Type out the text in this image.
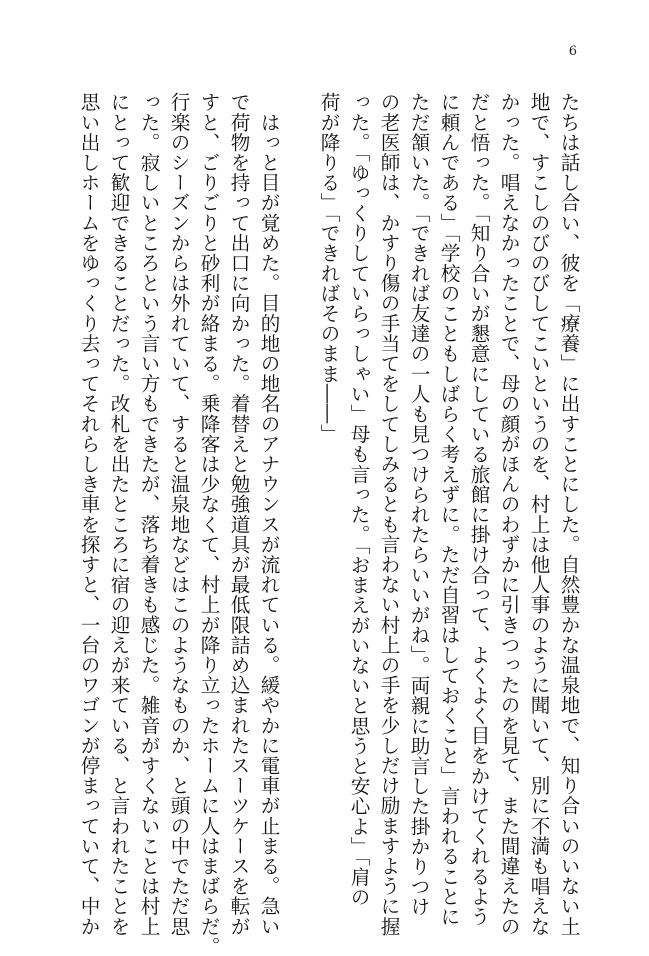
6
たちは話し合い、彼を「療養」に出すことにした。自然豊かな温泉地で、知り合いのいない土
地で、すこしのびのびしてこいというのを、村上は他人事のように聞いて、別に不満も唱えな
かった。唱えなかったことで、母の顔がほんのわずかに引きつったのを見て、また間違えたの
だと悟った。「知り合いが懇意にしている旅館に掛け合って、よくよく目をかけてくれるよう
に頼んである」「学校のこともしばらく考えずに。ただ自習はしておくこと」言われることに
ただ頷いた。「できれば友達の一人も見つけられたらいいがね」。両親に助言した掛かりつけ
の老医師は、かすり傷の手当てをしてしみるとも言わない村上の手を少しだけ励ますように握
った。「ゆっくりしていらっしゃい」母も言った。「おまえがいないと思うと安心よ」「肩の
荷が降りる」「できればそのまま――」
　はっと目が覚めた。目的地の地名のアナウンスが流れている。緩やかに電車が止まる。急い
で荷物を持って出口に向かった。着替えと勉強道具が最低限詰め込まれたスーツケースを転が
すと、ごりごりと砂利が絡まる。乗降客は少なくて、村上が降り立ったホームに人はまばらだ。
行楽のシーズンからは外れていて、すると温泉地などはこのようなものか、と頭の中でただ思
った。寂しいところという言い方もできたが、落ち着きも感じた。雑音がすくないことは村上
にとって歓迎できることだった。改札を出たところに宿の迎えが来ている、と言われたことを
思い出しホームをゆっくり去ってそれらしき車を探すと、一台のワゴンが停まっていて、中か
